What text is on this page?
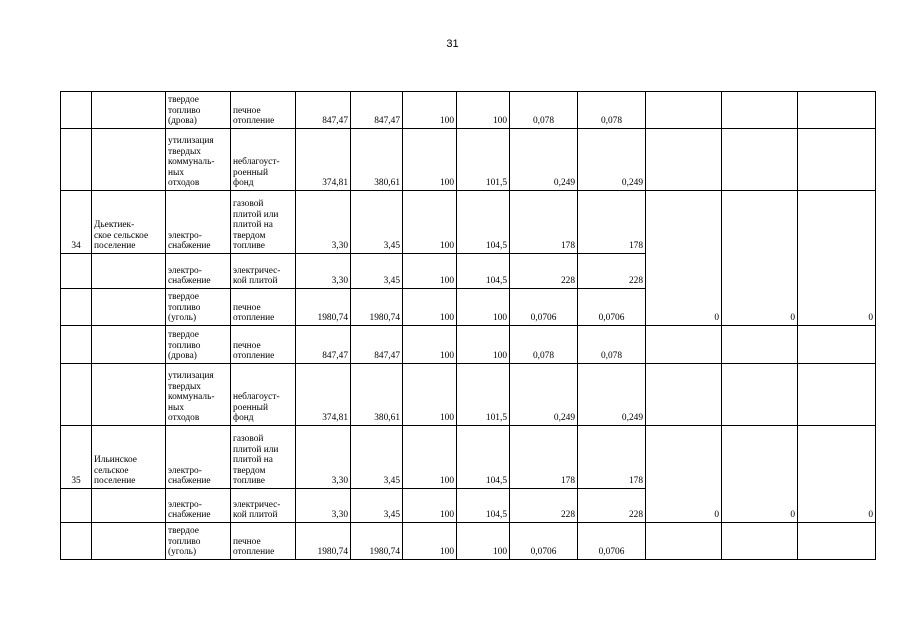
31

		твердое
топливо
(дрова)	печное
отопление	847,47	847,47	100	100	0,078	0,078			

		утилизация
твердых
коммуналь-
ных
отходов	неблагоуст-
роенный
фонд	374,81	380,61	100	101,5	0,249	0,249			
34	Дьектиек-
ское сельское
поселение	электро-
снабжение	газовой
плитой или
плитой на
твердом
топливе	3,30	3,45	100	104,5	178	178	0	0	0

		электро-
снабжение	электричес-
кой плитой	3,30	3,45	100	104,5	228	228			

		твердое
топливо
(уголь)	печное
отопление	1980,74	1980,74	100	100	0,0706	0,0706			

		твердое
топливо
(дрова)	печное
отопление	847,47	847,47	100	100	0,078	0,078			

		утилизация
твердых
коммуналь-
ных
отходов	неблагоуст-
роенный
фонд	374,81	380,61	100	101,5	0,249	0,249			
35	Ильинское
сельское
поселение	электро-
снабжение	газовой
плитой или
плитой на
твердом
топливе	3,30	3,45	100	104,5	178	178	0	0	0

		электро-
снабжение	электричес-
кой плитой	3,30	3,45	100	104,5	228	228			

		твердое
топливо
(уголь)	печное
отопление	1980,74	1980,74	100	100	0,0706	0,0706			
